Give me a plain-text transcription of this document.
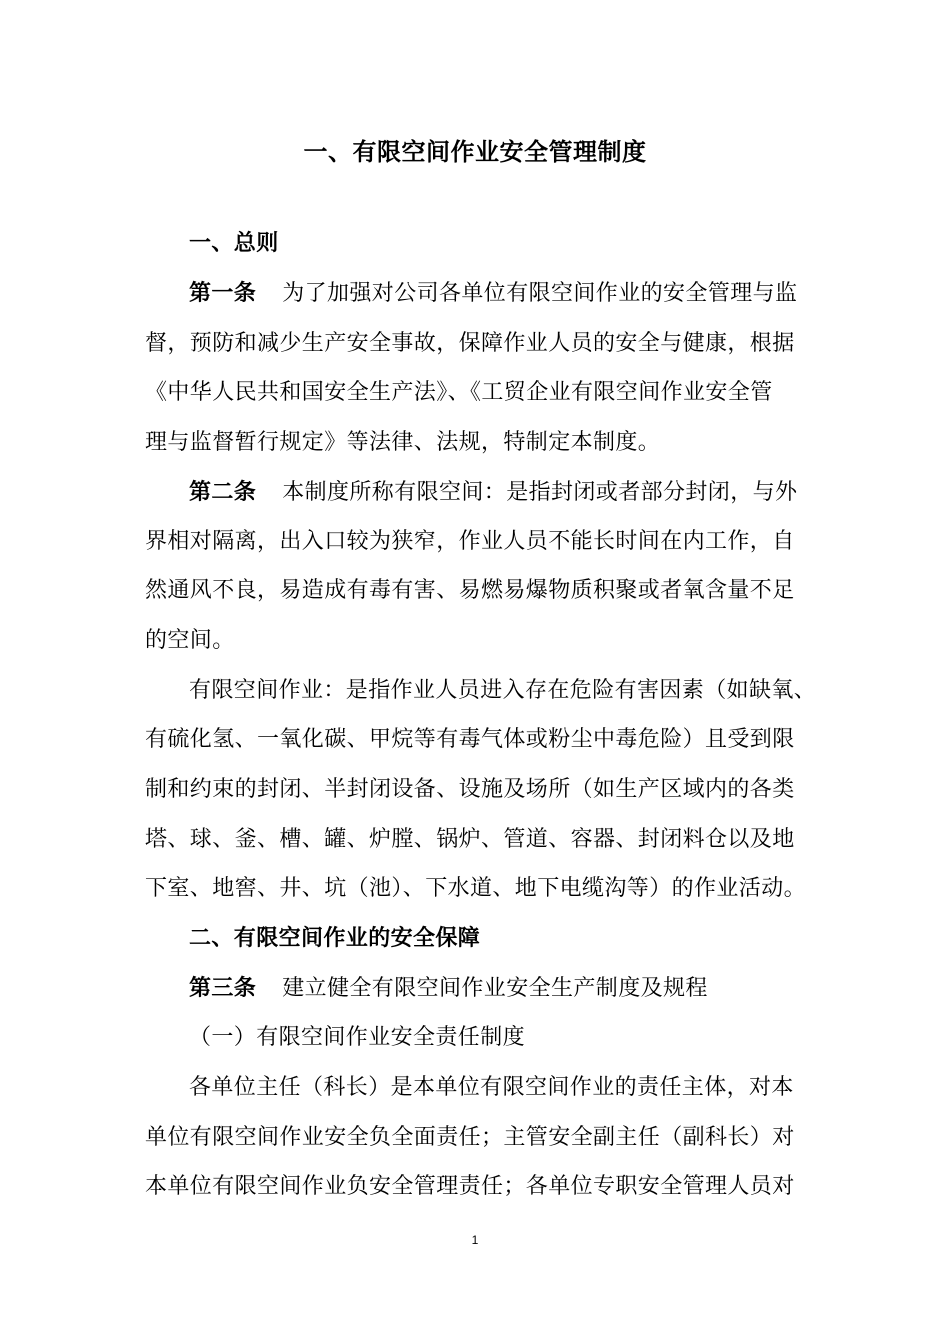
一、有限空间作业安全管理制度
一、总则
第一条 为了加强对公司各单位有限空间作业的安全管理与监
督，预防和减少生产安全事故，保障作业人员的安全与健康，根据
《中华人民共和国安全生产法》、《工贸企业有限空间作业安全管
理与监督暂行规定》等法律、法规，特制定本制度。
第二条 本制度所称有限空间：是指封闭或者部分封闭，与外
界相对隔离，出入口较为狭窄，作业人员不能长时间在内工作，自
然通风不良，易造成有毒有害、易燃易爆物质积聚或者氧含量不足
的空间。
有限空间作业：是指作业人员进入存在危险有害因素（如缺氧、
有硫化氢、一氧化碳、甲烷等有毒气体或粉尘中毒危险）且受到限
制和约束的封闭、半封闭设备、设施及场所（如生产区域内的各类
塔、球、釜、槽、罐、炉膛、锅炉、管道、容器、封闭料仓以及地
下室、地窖、井、坑（池）、下水道、地下电缆沟等）的作业活动。
二、有限空间作业的安全保障
第三条 建立健全有限空间作业安全生产制度及规程
（一）有限空间作业安全责任制度
各单位主任（科长）是本单位有限空间作业的责任主体，对本
单位有限空间作业安全负全面责任；主管安全副主任（副科长）对
本单位有限空间作业负安全管理责任；各单位专职安全管理人员对
1
